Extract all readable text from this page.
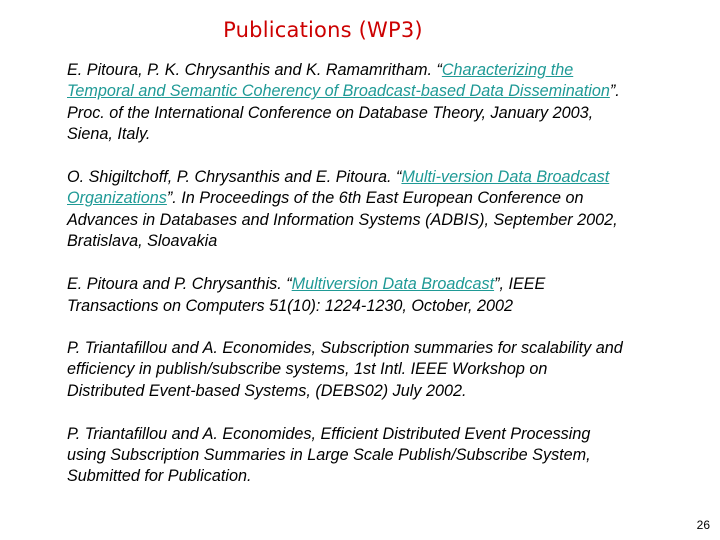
Publications (WP3)

E. Pitoura, P. K. Chrysanthis and K. Ramamritham. “Characterizing the Temporal and Semantic Coherency of Broadcast-based Data Dissemination”. Proc. of the International Conference on Database Theory, January 2003, Siena, Italy.

O. Shigiltchoff, P. Chrysanthis and E. Pitoura. “Multi-version Data Broadcast Organizations”. In Proceedings of the 6th East European Conference on Advances in Databases and Information Systems (ADBIS), September 2002, Bratislava, Sloavakia

E. Pitoura and P. Chrysanthis. “Multiversion Data Broadcast”, IEEE Transactions on Computers 51(10): 1224-1230, October, 2002

P. Triantafillou and A. Economides, Subscription summaries for scalability and efficiency in publish/subscribe systems, 1st Intl. IEEE Workshop on Distributed Event-based Systems, (DEBS02) July 2002.

P. Triantafillou and A. Economides, Efficient Distributed Event Processing using Subscription Summaries in Large Scale Publish/Subscribe System, Submitted for Publication.

26
